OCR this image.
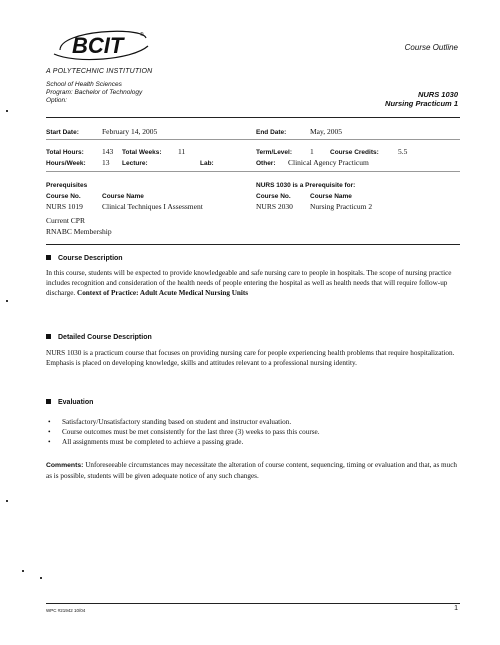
BCIT	®
Course Outline
A POLYTECHNIC INSTITUTION
School of Health Sciences
Program: Bachelor of Technology
Option:
NURS 1030
Nursing Practicum 1
Start Date:	February 14, 2005	End Date:	May, 2005
Total Hours: 143 Total Weeks: 11	Term/Level: 1	Course Credits:	5.5
Hours/Week: 13 Lecture:	Lab:	Other: Clinical Agency Practicum
Prerequisites	NURS 1030 is a Prerequisite for:
Course No.	Course Name	Course No.	Course Name
NURS 1019	Clinical Techniques I Assessment	NURS 2030 Nursing Practicum 2
Current CPR
RNABC Membership
Course Description
In this course, students will be expected to provide knowledgeable and safe nursing care to people in hospitals. The scope of nursing practice includes recognition and consideration of the health needs of people entering the hospital as well as health needs that will require follow-up discharge. Context of Practice: Adult Acute Medical Nursing Units
Detailed Course Description
NURS 1030 is a practicum course that focuses on providing nursing care for people experiencing health problems that require hospitalization. Emphasis is placed on developing knowledge, skills and attitudes relevant to a professional nursing identity.
Evaluation
• Satisfactory/Unsatisfactory standing based on student and instructor evaluation.
• Course outcomes must be met consistently for the last three (3) weeks to pass this course.
• All assignments must be completed to achieve a passing grade.
Comments: Unforeseeable circumstances may necessitate the alteration of course content, sequencing, timing or evaluation and that, as much as is possible, students will be given adequate notice of any such changes.
WPC #21942 10/04	1
